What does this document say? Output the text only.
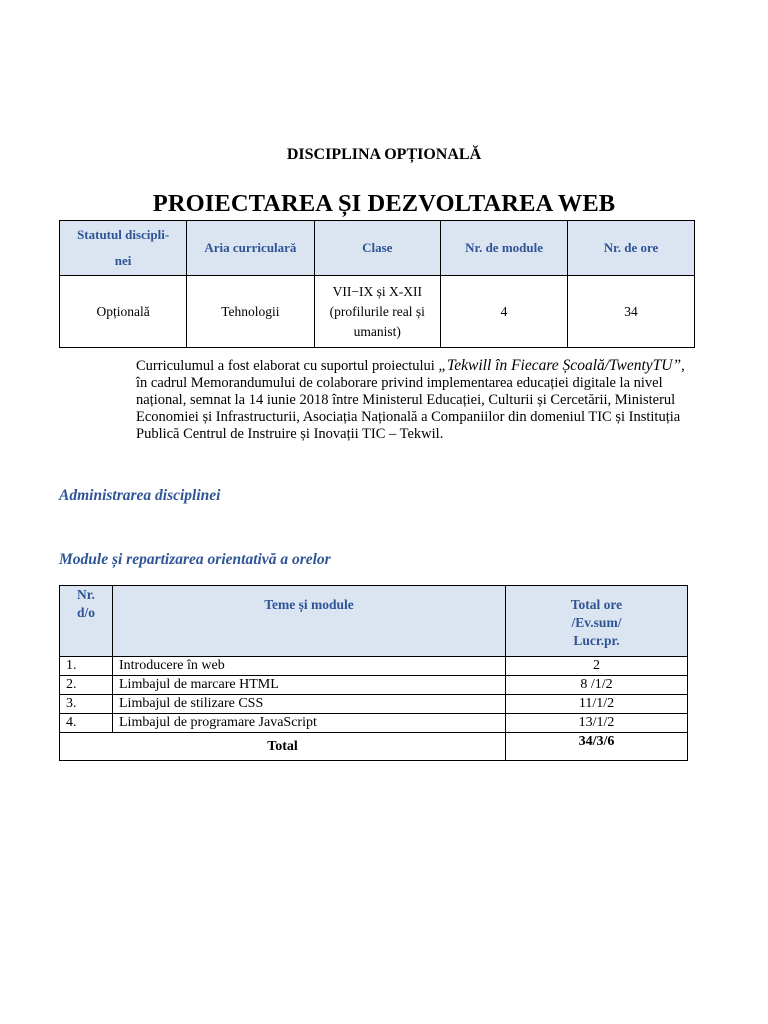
DISCIPLINA OPȚIONALĂ
PROIECTAREA ȘI DEZVOLTAREA WEB
Statutul discipli-
nei	Aria curriculară	Clase	Nr. de module	Nr. de ore
Opțională	Tehnologii	VII−IX și X-XII (profilurile real și umanist)	4	34
Curriculumul a fost elaborat cu suportul proiectului „Tekwill în Fiecare Școală/TwentyTU”, în cadrul Memorandumului de colaborare privind implementarea educației digitale la nivel național, semnat la 14 iunie 2018 între Ministerul Educației, Culturii și Cercetării, Ministerul Economiei și Infrastructurii, Asociația Națională a Companiilor din domeniul TIC și Instituția Publică Centrul de Instruire și Inovații TIC – Tekwil.
Administrarea disciplinei
Module și repartizarea orientativă a orelor
Nr.
d/o	Teme și module	Total ore
/Ev.sum/
Lucr.pr.
1.	Introducere în web	2
2.	Limbajul de marcare HTML	8 /1/2
3.	Limbajul de stilizare CSS	11/1/2
4.	Limbajul de programare JavaScript	13/1/2
Total		34/3/6
